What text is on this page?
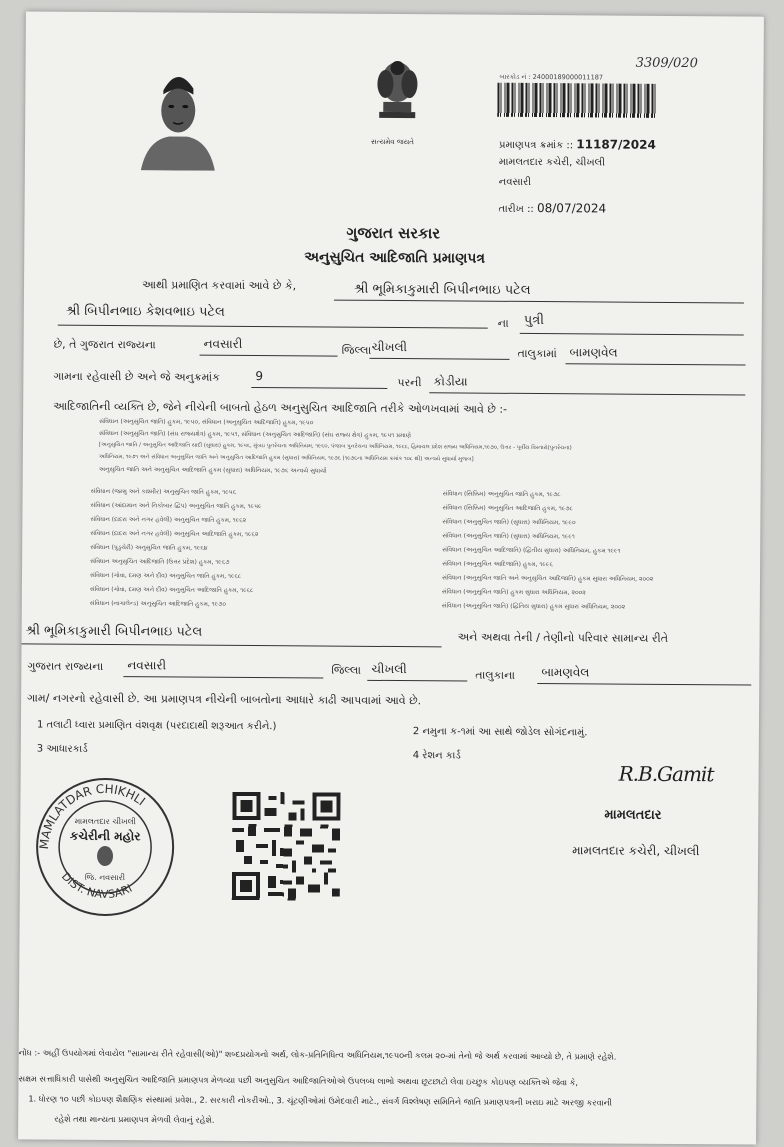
સત્યમેવ જયતે
3309/020
બારકોડ નં : 24000189000011187
પ્રમાણપત્ર ક્રમાંક :: 11187/2024
મામલતદાર કચેરી, ચીખલી
નવસારી
તારીખ :: 08/07/2024
ગુજરાત સરકાર
અનુસુચિત આદિજાતિ પ્રમાણપત્ર
આથી પ્રમાણિત કરવામાં આવે છે કે,	શ્રી ભૂમિકાકુમારી બિપીનભાઇ પટેલ
શ્રી બિપીનભાઇ કેશવભાઇ પટેલ
ના પુત્રી
છે, તે ગુજરાત રાજ્યના	નવસારી	જિલ્લા ચીખલી	તાલુકામાં બામણવેલ
ગામના રહેવાસી છે અને જે અનુક્રમાંક	9	પરની કોડીયા
આદિજાતિની વ્યક્તિ છે, જેને નીચેની બાબતો હેઠળ અનુસુચિત આદિજાતિ તરીકે ઓળખવામાં આવે છે :-
સંવિધાન (અનુસુચિત જાતિ) હુકમ, ૧૯૫૦, સંવિધાન (અનુસુચિત આદિજાતિ) હુકમ, ૧૯૫૦
સંવિધાન (અનુસુચિત જાતિ) (સંઘ રાજ્યક્ષેત્ર) હુકમ, ૧૯૫૧, સંવિધાન (અનુસુચિત આદિજાતિ) (સંઘ રાજ્ય ક્ષેત્ર) હુકમ, ૧૯૫૧ પ્રમાણે
[અનુસુચિત જાતિ / અનુસુચિત આદિજાતિ યાદી (સુધારા) હુકમ, ૧૯૫૬, મુંબઇ પુનર્રચના અધિનિયમ, ૧૯૬૦, પંજાબ પુનર્રચના અધિનિયમ, ૧૯૬૬, હિમાચલ પ્રદેશ રાજ્ય અધિનિયમ,૧૯૭૦, ઉત્તર - પૂર્વીય વિસ્તારો(પુનર્રચના)
અધિનિયમ, ૧૯૭૧ અને સંવિધાન અનુસુચિત જાતિ અને અનુસુચિત આદિજાતિ હુકમ (સુધારા) અધિનિયમ, ૧૯૭૬ (૧૯૭૬ના અધિનિયમ ક્રમાંક ૧૦૮ થી) અન્વયે સુધાર્યા મુજબ]
અનુસુચિત જાતિ અને અનુસુચિત આદિજાતિ હુકમ (સુધારા) અધિનિયમ, ૧૯૭૬ અન્વયે સુધાર્યા
સંવિધાન (જમ્મુ અને કાશ્મીર) અનુસુચિત જાતિ હુકમ, ૧૯૫૬
સંવિધાન (આંદામાન અને નિકોબાર દ્વિપ) અનુસુચિત જાતિ હુકમ, ૧૯૫૯
સંવિધાન (દાદરા અને નગર હવેલી) અનુસુચિત જાતિ હુકમ, ૧૯૬૨
સંવિધાન (દાદરા અને નગર હવેલી) અનુસુચિત આદિજાતિ હુકમ, ૧૯૬૨
સંવિધાન (પુડુચેરી) અનુસુચિત જાતિ હુકમ, ૧૯૬૪
સંવિધાન અનુસુચિત આદિજાતિ (ઉત્તર પ્રદેશ) હુકમ, ૧૯૬૭
સંવિધાન (ગોવા, દમણ અને દીવ) અનુસુચિત જાતિ હુકમ, ૧૯૬૮
સંવિધાન (ગોવા, દમણ અને દીવ) અનુસુચિત આદિજાતિ હુકમ, ૧૯૬૮
સંવિધાન (નાગાલેન્ડ) અનુસુચિત આદિજાતિ હુકમ, ૧૯૭૦
સંવિધાન (સિક્કિમ) અનુસુચિત જાતિ હુકમ, ૧૯૭૮
સંવિધાન (સિક્કિમ) અનુસુચિત આદિજાતિ હુકમ, ૧૯૭૮
સંવિધાન (અનુસુચિત જાતિ) (સુધારા) અધિનિયમ, ૧૯૯૦
સંવિધાન (અનુસુચિત જાતિ) (સુધારા) અધિનિયમ, ૧૯૯૧
સંવિધાન (અનુસુચિત આદિજાતિ) (દ્વિતીય સુધારા) અધિનિયમ, હુકમ ૧૯૯૧
સંવિધાન (અનુસુચિત આદિજાતિ) હુકમ, ૧૯૯૬
સંવિધાન (અનુસુચિત જાતિ અને અનુસુચિત આદિજાતિ) હુકમ સુધારા અધિનિયમ, ૨૦૦૨
સંવિધાન (અનુસુચિત જાતિ) હુકમ સુધારા અધિનિયમ, ૨૦૦૨
સંવિધાન (અનુસુચિત જાતિ) (દ્વિતિય સુધારા) હુકમ સુધારા અધિનિયમ, ૨૦૦૨
શ્રી ભૂમિકાકુમારી બિપીનભાઇ પટેલ	અને અથવા તેની / તેણીનો પરિવાર સામાન્ય રીતે
ગુજરાત રાજ્યના નવસારી	જિલ્લા ચીખલી	તાલુકાના બામણવેલ
ગામ/ નગરનો રહેવાસી છે. આ પ્રમાણપત્ર નીચેની બાબતોના આધારે કાઢી આપવામાં આવે છે.
1 તલાટી ધ્વારા પ્રમાણિત વંશવૃક્ષ (પરદાદાથી શરૂઆત કરીને.)
2 નમુના ક-૧માં આ સાથે જોડેલ સોગંદનામું.
3 આધારકાર્ડ
4 રેશન કાર્ડ
MAMLATDAR CHIKHLI
DIST. NAVSARI
મામલતદાર ચીખલી
કચેરીની મહોર
જિ. નવસારી
R.B.Gamit
મામલતદાર
મામલતદાર કચેરી, ચીખલી
નોંધ :- અહીં ઉપયોગમાં લેવાયેલ "સામાન્ય રીતે રહેવાસી(ઓ)" શબ્દપ્રયોગનો અર્થ, લોક-પ્રતિનિધિત્વ અધિનિયમ,૧૯૫૦ની કલમ ૨૦-માં તેનો જે અર્થ કરવામાં આવ્યો છે, તે પ્રમાણે રહેશે.
સક્ષમ સત્તાધિકારી પાસેથી અનુસુચિત આદિજાતિ પ્રમાણપત્ર મેળવ્યા પછી અનુસુચિત આદિજાતિઓએ ઉપલબ્ધ લાભો અથવા છૂટછાટો લેવા ઇચ્છુક કોઇપણ વ્યક્તિએ જેવા કે,
1. ધોરણ ૧૦ પછી કોઇપણ શૈક્ષણિક સંસ્થામાં પ્રવેશ., 2. સરકારી નોકરીઓ., 3. ચૂંટણીઓમાં ઉમેદવારી માટે., સંવર્ગ વિશ્લેષણ સમિતિને જાતિ પ્રમાણપત્રની ખરાઇ માટે અરજી કરવાની
રહેશે તથા માન્યતા પ્રમાણપત્ર મેળવી લેવાનું રહેશે.
